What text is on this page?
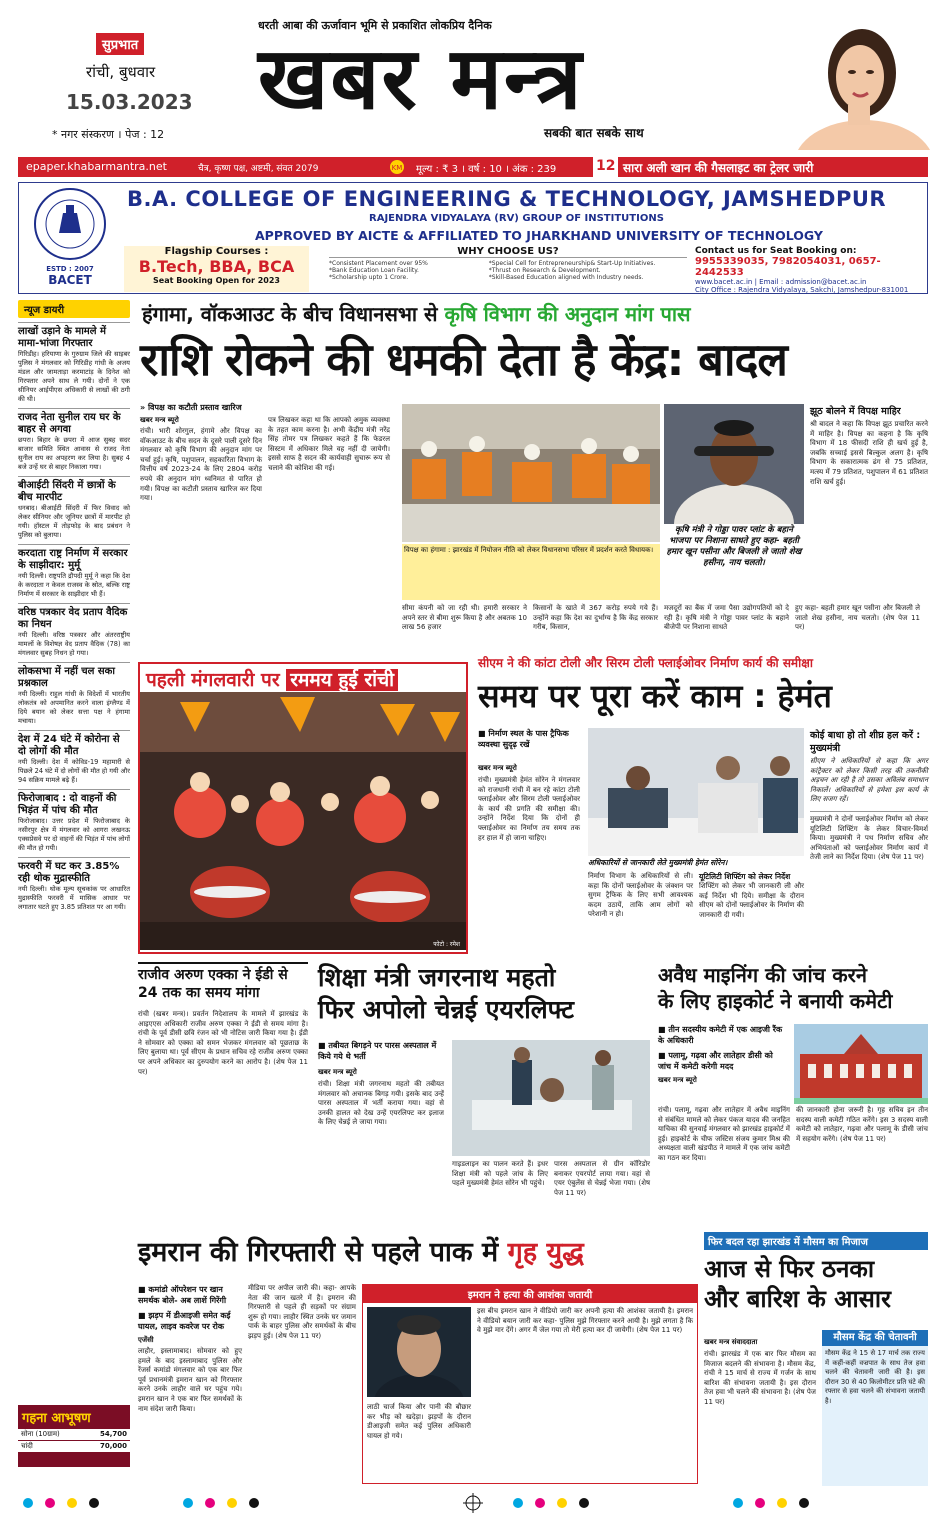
सुप्रभात
रांची, बुधवार
15.03.2023
* नगर संस्करण । पेज : 12
धरती आबा की ऊर्जावान भूमि से प्रकाशित लोकप्रिय दैनिक
खबर मन्त्र
सबकी बात सबके साथ
epaper.khabarmantra.net	चैत्र, कृष्ण पक्ष, अष्टमी, संवत 2079	KM मूल्य : ₹ 3 । वर्ष : 10 । अंक : 239	12 सारा अली खान की गैसलाइट का ट्रेलर जारी
ESTD : 2007
BACET
B.A. COLLEGE OF ENGINEERING & TECHNOLOGY, JAMSHEDPUR
RAJENDRA VIDYALAYA (RV) GROUP OF INSTITUTIONS
APPROVED BY AICTE & AFFILIATED TO JHARKHAND UNIVERSITY OF TECHNOLOGY
Flagship Courses :
B.Tech, BBA, BCA
Seat Booking Open for 2023
WHY CHOOSE US?
*Consistent Placement over 95%
*Bank Education Loan Facility.
*Scholarship upto 1 Crore.
*Special Cell for Entrepreneurship& Start-Up Initiatives.
*Thrust on Research & Development.
*Skill-Based Education aligned with Industry needs.
Contact us for Seat Booking on:
9955339035, 7982054031, 0657-2442533
www.bacet.ac.in | Email : admission@bacet.ac.in
City Office : Rajendra Vidyalaya, Sakchi, Jamshedpur-831001
न्यूज डायरी
लाखों उड़ाने के मामले में मामा-भांजा गिरफ्तार
गिरिडीह। हरियाणा के गुरुग्राम जिले की साइबर पुलिस ने मंगलवार को गिरिडीह गांधी के अजय मंडल और जामताड़ा करमाटांड़ के दिनेश को गिरफ्तार अपने साथ ले गयी। दोनों ने एक सीनियर आईपीएस अधिकारी से लाखों की ठगी की थी।
राजद नेता सुनील राय घर के बाहर से अगवा
छपरा। बिहार के छपरा में आज सुबह सदर बाजार समिति स्थित आवास से राजद नेता सुनील राय का अपहरण कर लिया है। सुबह 4 बजे उन्हें घर से बाहर निकाला गया।
बीआईटी सिंदरी में छात्रों के बीच मारपीट
धनबाद। बीआईटी सिंदरी में फिर विवाद को लेकर सीनियर और जूनियर छात्रों में मारपीट हो गयी। हॉस्टल में तोड़फोड़ के बाद प्रबंधन ने पुलिस को बुलाया।
करदाता राष्ट्र निर्माण में सरकार के साझीदार: मुर्मू
नयी दिल्ली। राष्ट्रपति द्रौपदी मुर्मू ने कहा कि देश के करदाता न केवल राजस्व के स्रोत, बल्कि राष्ट्र निर्माण में सरकार के साझीदार भी हैं।
वरिष्ठ पत्रकार वेद प्रताप वैदिक का निधन
नयी दिल्ली। वरिष्ठ पत्रकार और अंतरराष्ट्रीय मामलों के विशेषज्ञ वेद प्रताप वैदिक (78) का मंगलवार सुबह निधन हो गया।
लोकसभा में नहीं चल सका प्रश्नकाल
नयी दिल्ली। राहुल गांधी के विदेशों में भारतीय लोकतंत्र को अपमानित करने वाला इंग्लैण्ड में दिये बयान को लेकर सत्ता पक्ष ने हंगामा मचाया।
देश में 24 घंटे में कोरोना से दो लोगों की मौत
नयी दिल्ली। देश में कोविड-19 महामारी से पिछले 24 घंटे में दो लोगों की मौत हो गयी और 94 सक्रिय मामले बढ़े हैं।
फिरोजाबाद : दो वाहनों की भिड़ंत में पांच की मौत
फिरोजाबाद। उत्तर प्रदेश में फिरोजाबाद के नसीरपुर क्षेत्र में मंगलवार को आगरा लखनऊ एक्सप्रेसवे पर दो वाहनों की भिड़ंत में पांच लोगों की मौत हो गयी।
फरवरी में घट कर 3.85% रही थोक मुद्रास्फीति
नयी दिल्ली। थोक मूल्य सूचकांक पर आधारित मुद्रास्फीति फरवरी में मासिक आधार पर लगातार घटते हुए 3.85 प्रतिशत पर आ गयी।
गहना आभूषण
सोना (10ग्राम)	54,700
चांदी	70,000
हंगामा, वॉकआउट के बीच विधानसभा से कृषि विभाग की अनुदान मांग पास
राशि रोकने की धमकी देता है केंद्र: बादल
» विपक्ष का कटौती प्रस्ताव खारिज
खबर मन्त्र ब्यूरो
रांची। भारी शोरगुल, हंगामे और विपक्ष का वॉकआउट के बीच सदन के दूसरे पाली दूसरे दिन मंगलवार को कृषि विभाग की अनुदान मांग पर चर्चा हुई। कृषि, पशुपालन, सहकारिता विभाग के वित्तीय वर्ष 2023-24 के लिए 2804 करोड़ रुपये की अनुदान मांग ध्वनिमत से पारित हो गयी। विपक्ष का कटौती प्रस्ताव खारिज कर दिया गया।
पत्र लिखकर कहा था कि आपको अमुक व्यवस्था के तहत काम करना है। अभी केंद्रीय मंत्री नरेंद्र सिंह तोमर पत्र लिखकर कहते हैं कि फेडरल सिस्टम में अधिकार मिले वह नहीं दी जायेगी। इससे साफ है सदन की कार्यवाही सुचारू रूप से चलाने की कोशिश की गई।
विपक्ष का हंगामा : झारखंड में नियोजन नीति को लेकर विधानसभा परिसर में प्रदर्शन करते विधायक।
कृषि मंत्री ने गोड्डा पावर प्लांट के बहाने भाजपा पर निशाना साधते हुए कहा- बहती हमार खून पसीना और बिजली ले जातो शेख हसीना, नाय चलतो।
झूठ बोलने में विपक्ष माहिर
श्री बादल ने कहा कि विपक्ष झूठ प्रचारित करने में माहिर है। विपक्ष का कहना है कि कृषि विभाग में 18 फीसदी राशि ही खर्च हुई है, जबकि सच्चाई इससे बिल्कुल अलग है। कृषि विभाग के सकारात्मक ढंग से 75 प्रतिशत, मत्स्य में 79 प्रतिशत, पशुपालन में 61 प्रतिशत राशि खर्च हुई।
सीमा कंपनी को जा रही थी। हमारी सरकार ने अपने स्तर से बीमा शुरू किया है और अबतक 10 लाख 56 हजार
किसानों के खाते में 367 करोड़ रुपये गये हैं। उन्होंने कहा कि देश का दुर्भाग्य है कि केंद्र सरकार गरीब, किसान,
मजदूरों का बैंक में जमा पैसा उद्योगपतियों को दे रही है। कृषि मंत्री ने गोड्डा पावर प्लांट के बहाने बीजेपी पर निशाना साधते
हुए कहा- बहती हमार खून पसीना और बिजली ले जातो शेख हसीना, नाय चलतो। (शेष पेज 11 पर)
पहली मंगलवारी पर रममय हुई रांची
फोटो : रमेश
सीएम ने की कांटा टोली और सिरम टोली फ्लाईओवर निर्माण कार्य की समीक्षा
समय पर पूरा करें काम : हेमंत
■ निर्माण स्थल के पास ट्रैफिक व्यवस्था सुदृढ़ रखें
खबर मन्त्र ब्यूरो
रांची। मुख्यमंत्री हेमंत सोरेन ने मंगलवार को राजधानी रांची में बन रहे कांटा टोली फ्लाईओवर और सिरम टोली फ्लाईओवर के कार्य की प्रगति की समीक्षा की। उन्होंने निर्देश दिया कि दोनों ही फ्लाईओवर का निर्माण तय समय तक हर हाल में हो जाना चाहिए।
अधिकारियों से जानकारी लेते मुख्यमंत्री हेमंत सोरेन।
निर्माण विभाग के अधिकारियों से ली। कहा कि दोनों फ्लाईओवर के जंक्शन पर सुगम ट्रैफिक के लिए सभी आवश्यक कदम उठायें, ताकि आम लोगों को परेशानी न हो।
यूटिलिटी शिफ्टिंग को लेकर निर्देश
शिफ्टिंग को लेकर भी जानकारी ली और कई निर्देश भी दिये। समीक्षा के दौरान सीएम को दोनों फ्लाईओवर के निर्माण की जानकारी दी गयी।
कोई बाधा हो तो शीघ्र हल करें : मुख्यमंत्री
सीएम ने अधिकारियों से कहा कि अगर कांट्रैक्टर को लेकर किसी तरह की तकनीकी अड़चन आ रही है तो उसका अविलंब समाधान निकालें। अधिकारियों से हमेशा इस कार्य के लिए सजग रहें।
मुख्यमंत्री ने दोनों फ्लाईओवर निर्माण को लेकर यूटिलिटी शिफ्टिंग के लेकर विचार-विमर्श किया। मुख्यमंत्री ने पथ निर्माण सचिव और अभियंताओं को फ्लाईओवर निर्माण कार्य में तेजी लाने का निर्देश दिया। (शेष पेज 11 पर)
राजीव अरुण एक्का ने ईडी से 24 तक का समय मांगा
रांची (खबर मन्त्र)। प्रवर्तन निदेशालय के मामले में झारखंड के आइएएस अधिकारी राजीव अरुण एक्का ने ईडी से समय मांगा है। रांची के पूर्व डीसी छवि रंजन को भी नोटिस जारी किया गया है। ईडी ने सोमवार को एक्का को समन भेजकर मंगलवार को पूछताछ के लिए बुलाया था। पूर्व सीएम के प्रधान सचिव रहे राजीव अरुण एक्का पर अपने अधिकार का दुरुपयोग करने का आरोप है। (शेष पेज 11 पर)
शिक्षा मंत्री जगरनाथ महतो
फिर अपोलो चेन्नई एयरलिफ्ट
■ तबीयत बिगड़ने पर पारस अस्पताल में किये गये थे भर्ती
खबर मन्त्र ब्यूरो
रांची। शिक्षा मंत्री जगरनाथ महतो की तबीयत मंगलवार को अचानक बिगड़ गयी। इसके बाद उन्हें पारस अस्पताल में भर्ती कराया गया। वहां से उनकी हालत को देख उन्हें एयरलिफ्ट कर इलाज के लिए चेन्नई ले जाया गया।
गाइडलाइन का पालन करते हैं। इधर शिक्षा मंत्री को पहले जांच के लिए पहले मुख्यमंत्री हेमंत सोरेन भी पहुंचे।
पारस अस्पताल से ग्रीन कॉरिडोर बनाकर एयरपोर्ट लाया गया। वहां से एयर एंबुलेंस से चेन्नई भेजा गया। (शेष पेज 11 पर)
अवैध माइनिंग की जांच करने
के लिए हाइकोर्ट ने बनायी कमेटी
■ तीन सदस्यीय कमेटी में एक आइजी रैंक के अधिकारी
■ पलामू, गढ़वा और लातेहार डीसी को जांच में कमेटी करेगी मदद
खबर मन्त्र ब्यूरो
रांची। पलामू, गढ़वा और लातेहार में अवैध माइनिंग से संबंधित मामले को लेकर पंकज यादव की जनहित याचिका की सुनवाई मंगलवार को झारखंड हाइकोर्ट में हुई। हाइकोर्ट के चीफ जस्टिस संजय कुमार मिश्र की अध्यक्षता वाली खंडपीठ ने मामले में एक जांच कमेटी का गठन कर दिया।
की जानकारी होना जरूरी है। गृह सचिव इन तीन सदस्य वाली कमेटी गठित करेंगे। इस 3 सदस्य वाली कमेटी को लातेहार, गढ़वा और पलामू के डीसी जांच में सहयोग करेंगे। (शेष पेज 11 पर)
इमरान की गिरफ्तारी से पहले पाक में गृह युद्ध
■ कमांडो ऑपरेशन पर खान समर्थक बोले- अब लाशें गिरेंगी
■ झड़प में डीआइजी समेत कई घायल, लाइव कवरेज पर रोक
एजेंसी
लाहौर, इस्लामाबाद। सोमवार को हुए हमले के बाद इस्लामाबाद पुलिस और रेंजर्स कमांडो मंगलवार को एक बार फिर पूर्व प्रधानमंत्री इमरान खान को गिरफ्तार करने उनके लाहौर वाले घर पहुंच गये। इमरान खान ने एक बार फिर समर्थकों के नाम संदेश जारी किया।
मीडिया पर अपील जारी की। कहा- आपके नेता की जान खतरे में है। इमरान की गिरफ्तारी से पहले ही सड़कों पर संग्राम शुरू हो गया। लाहौर स्थित उनके घर जमान पार्क के बाहर पुलिस और समर्थकों के बीच झड़प हुई। (शेष पेज 11 पर)
इमरान ने हत्या की आशंका जतायी
इस बीच इमरान खान ने वीडियो जारी कर अपनी हत्या की आशंका जतायी है। इमरान ने वीडियो बयान जारी कर कहा- पुलिस मुझे गिरफ्तार करने आयी है। मुझे लगता है कि वे मुझे मार देंगे। अगर मैं जेल गया तो मेरी हत्या कर दी जायेगी। (शेष पेज 11 पर)
लाठी चार्ज किया और पानी की बौछार कर भीड़ को खदेड़ा। झड़पों के दौरान डीआइजी समेत कई पुलिस अधिकारी घायल हो गये।
फिर बदल रहा झारखंड में मौसम का मिजाज
आज से फिर ठनका
और बारिश के आसार
खबर मन्त्र संवाददाता
रांची। झारखंड में एक बार फिर मौसम का मिजाज बदलने की संभावना है। मौसम केंद्र, रांची ने 15 मार्च से राज्य में गर्जन के साथ बारिश की संभावना जतायी है। इस दौरान तेज हवा भी चलने की संभावना है। (शेष पेज 11 पर)
मौसम केंद्र की चेतावनी
मौसम केंद्र ने 15 से 17 मार्च तक राज्य में कहीं-कहीं वज्रपात के साथ तेज हवा चलने की चेतावनी जारी की है। इस दौरान 30 से 40 किलोमीटर प्रति घंटे की रफ्तार से हवा चलने की संभावना जतायी है।
